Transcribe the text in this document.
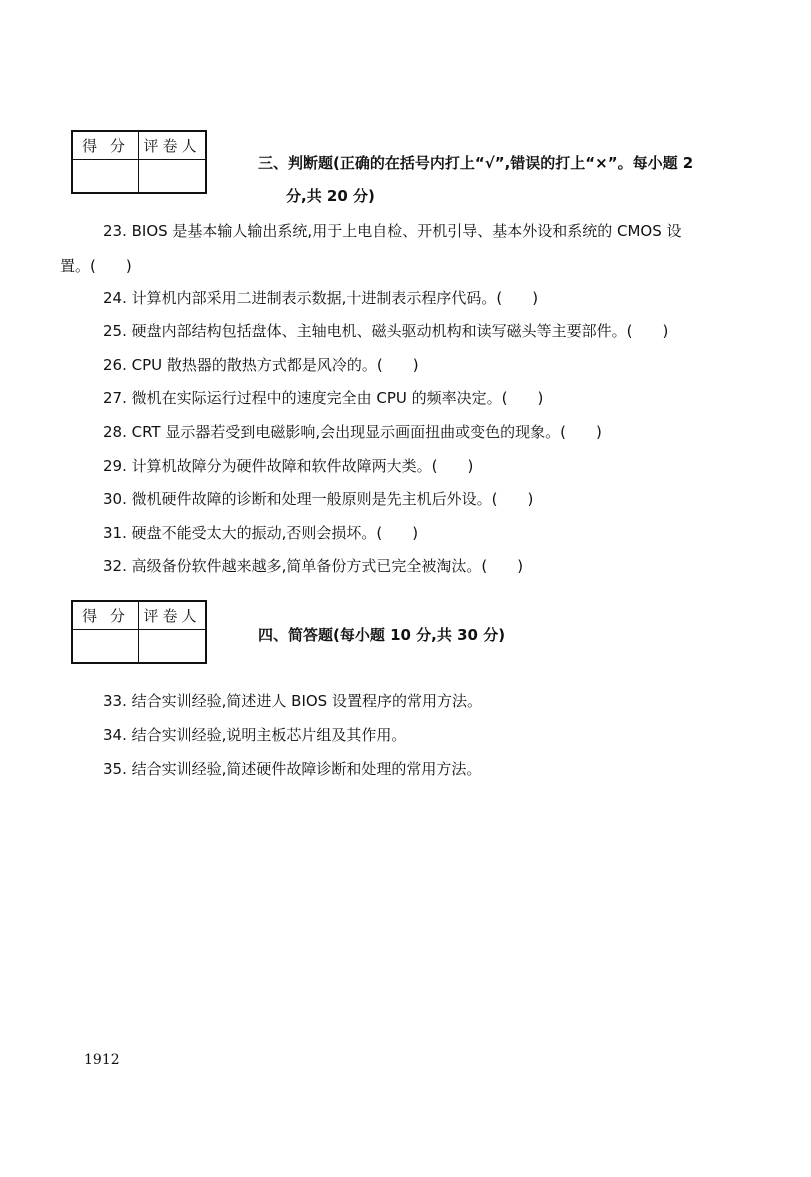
得 分	评卷人

三、判断题(正确的在括号内打上“√”,错误的打上“×”。每小题 2
分,共 20 分)
23. BIOS 是基本输人输出系统,用于上电自检、开机引导、基本外设和系统的 CMOS 设
置。(　　)
24. 计算机内部采用二进制表示数据,十进制表示程序代码。(　　)
25. 硬盘内部结构包括盘体、主轴电机、磁头驱动机构和读写磁头等主要部件。(　　)
26. CPU 散热器的散热方式都是风冷的。(　　)
27. 微机在实际运行过程中的速度完全由 CPU 的频率决定。(　　)
28. CRT 显示器若受到电磁影响,会出现显示画面扭曲或变色的现象。(　　)
29. 计算机故障分为硬件故障和软件故障两大类。(　　)
30. 微机硬件故障的诊断和处理一般原则是先主机后外设。(　　)
31. 硬盘不能受太大的振动,否则会损坏。(　　)
32. 高级备份软件越来越多,简单备份方式已完全被淘汰。(　　)
得 分	评卷人

四、简答题(每小题 10 分,共 30 分)
33. 结合实训经验,简述进人 BIOS 设置程序的常用方法。
34. 结合实训经验,说明主板芯片组及其作用。
35. 结合实训经验,简述硬件故障诊断和处理的常用方法。
1912
